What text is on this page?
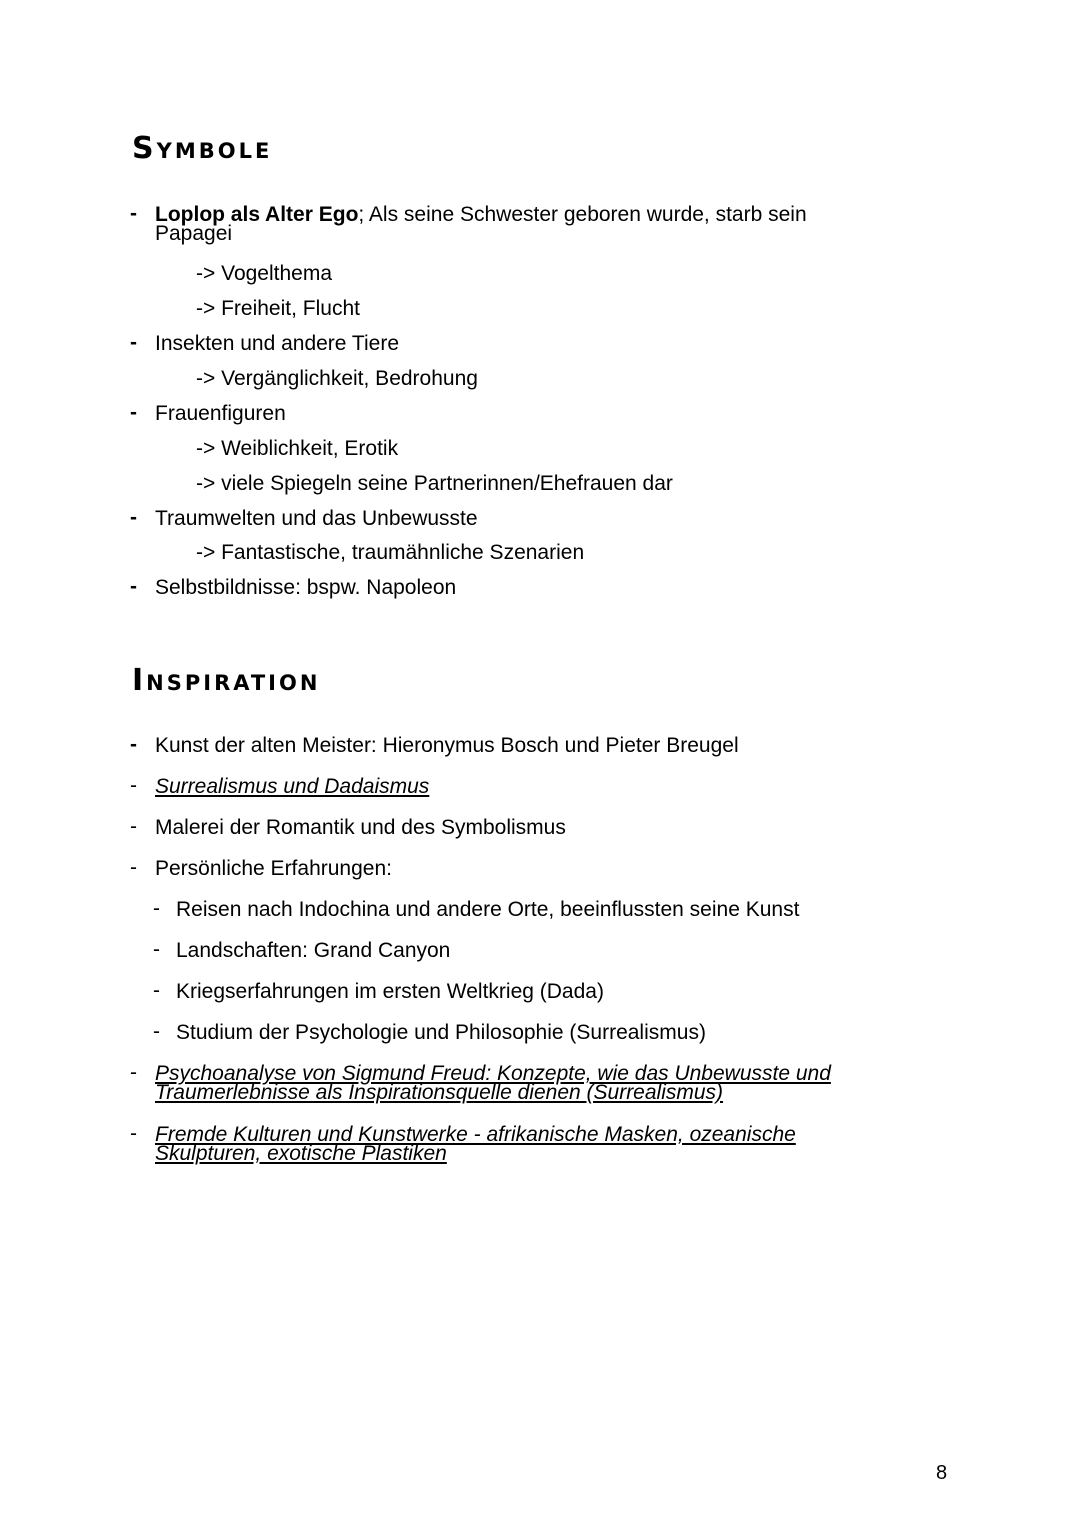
Symbole
- Loplop als Alter Ego; Als seine Schwester geboren wurde, starb sein
Papagei
-> Vogelthema
-> Freiheit, Flucht
- Insekten und andere Tiere
-> Vergänglichkeit, Bedrohung
- Frauenfiguren
-> Weiblichkeit, Erotik
-> viele Spiegeln seine Partnerinnen/Ehefrauen dar
- Traumwelten und das Unbewusste
-> Fantastische, traumähnliche Szenarien
- Selbstbildnisse: bspw. Napoleon
Inspiration
- Kunst der alten Meister: Hieronymus Bosch und Pieter Breugel
- Surrealismus und Dadaismus
- Malerei der Romantik und des Symbolismus
- Persönliche Erfahrungen:
- Reisen nach Indochina und andere Orte, beeinflussten seine Kunst
- Landschaften: Grand Canyon
- Kriegserfahrungen im ersten Weltkrieg (Dada)
- Studium der Psychologie und Philosophie (Surrealismus)
- Psychoanalyse von Sigmund Freud: Konzepte, wie das Unbewusste und
Traumerlebnisse als Inspirationsquelle dienen (Surrealismus)
- Fremde Kulturen und Kunstwerke - afrikanische Masken, ozeanische
Skulpturen, exotische Plastiken
8
